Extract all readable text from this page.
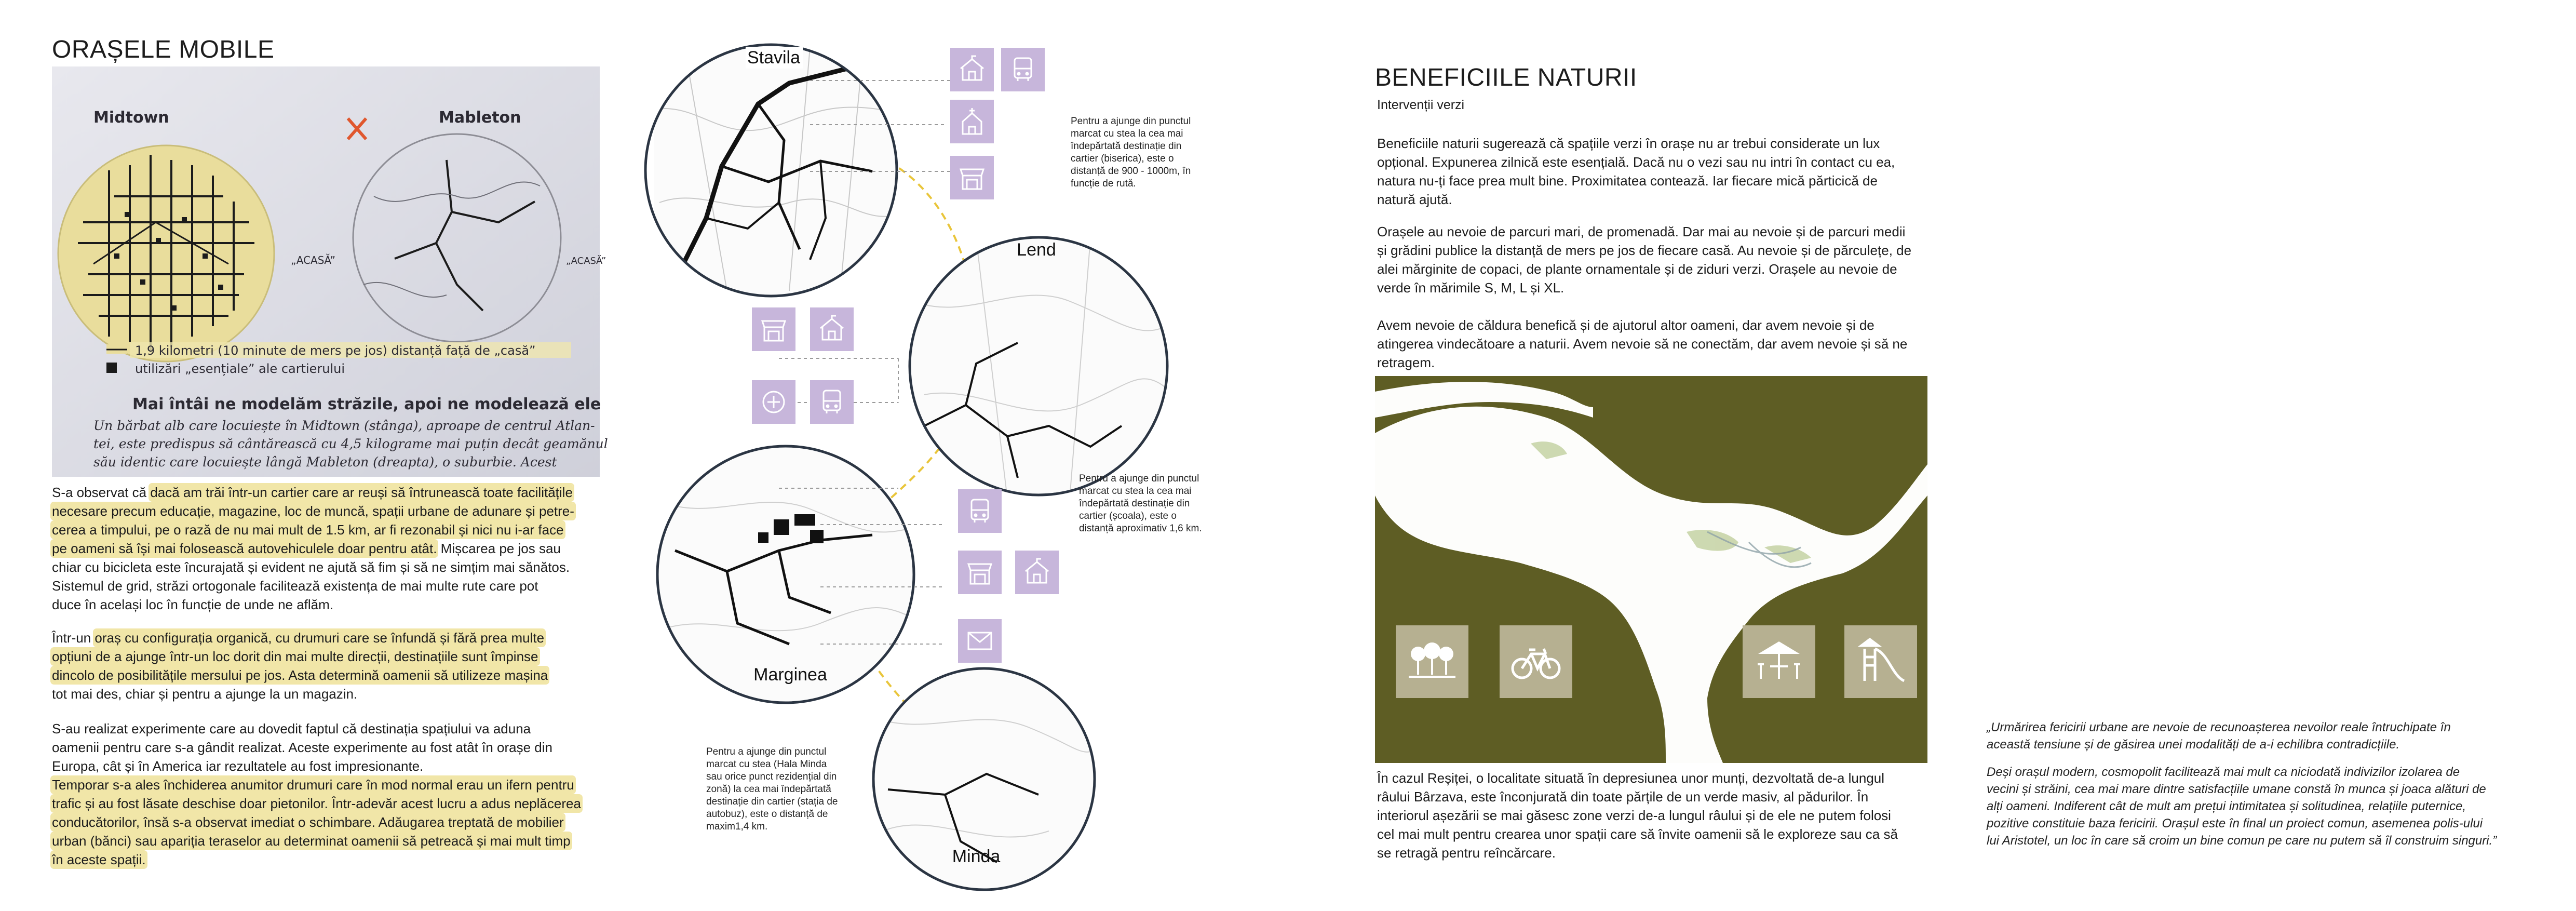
ORAȘELE MOBILE
Midtown
„ACASĂ”
Mableton
„ACASĂ”
1,9 kilometri (10 minute de mers pe jos) distanță față de „casă”
utilizări „esențiale” ale cartierului
Mai întâi ne modelăm străzile, apoi ne modelează ele
Un bărbat alb care locuiește în Midtown (stânga), aproape de centrul Atlan-
tei, este predispus să cântărească cu 4,5 kilograme mai puțin decât geamănul
său identic care locuiește lângă Mableton (dreapta), o suburbie. Acest
S-a observat că dacă am trăi într-un cartier care ar reuși să întrunească toate facilitățile
necesare precum educație, magazine, loc de muncă, spații urbane de adunare și petre-
cerea a timpului, pe o rază de nu mai mult de 1.5 km, ar fi rezonabil și nici nu i-ar face
pe oameni să își mai folosească autovehiculele doar pentru atât. Mișcarea pe jos sau
chiar cu bicicleta este încurajată și evident ne ajută să fim și să ne simțim mai sănătos.
Sistemul de grid, străzi ortogonale facilitează existența de mai multe rute care pot
duce în același loc în funcție de unde ne aflăm.
Într-un oraș cu configurația organică, cu drumuri care se înfundă și fără prea multe
opțiuni de a ajunge într-un loc dorit din mai multe direcții, destinațiile sunt împinse
dincolo de posibilitățile mersului pe jos. Asta determină oamenii să utilizeze mașina
tot mai des, chiar și pentru a ajunge la un magazin.
S-au realizat experimente care au dovedit faptul că destinația spațiului va aduna
oamenii pentru care s-a gândit realizat. Aceste experimente au fost atât în orașe din
Europa, cât și în America iar rezultatele au fost impresionante.
Temporar s-a ales închiderea anumitor drumuri care în mod normal erau un ifern pentru
trafic și au fost lăsate deschise doar pietonilor. Într-adevăr acest lucru a adus neplăcerea
conducătorilor, însă s-a observat imediat o schimbare. Adăugarea treptată de mobilier
urban (bănci) sau apariția teraselor au determinat oamenii să petreacă și mai mult timp
în aceste spații.
Stavila
Lend
Marginea
Minda
Pentru a ajunge din punctul
marcat cu stea la cea mai
îndepărtată destinație din
cartier (biserica), este o
distanță de 900 - 1000m, în
funcție de rută.
Pentru a ajunge din punctul
marcat cu stea la cea mai
îndepărtată destinație din
cartier (școala), este o
distanță aproximativ 1,6 km.
Pentru a ajunge din punctul
marcat cu stea (Hala Minda
sau orice punct rezidențial din
zonă) la cea mai îndepărtată
destinație din cartier (stația de
autobuz), este o distanță de
maxim1,4 km.
BENEFICIILE NATURII
Intervenții verzi
Beneficiile naturii sugerează că spațiile verzi în orașe nu ar trebui considerate un lux
opțional. Expunerea zilnică este esențială. Dacă nu o vezi sau nu intri în contact cu ea,
natura nu-ți face prea mult bine. Proximitatea contează. Iar fiecare mică părticică de
natură ajută.
Orașele au nevoie de parcuri mari, de promenadă. Dar mai au nevoie și de parcuri medii
și grădini publice la distanță de mers pe jos de fiecare casă. Au nevoie și de părculețe, de
alei mărginite de copaci, de plante ornamentale și de ziduri verzi. Orașele au nevoie de
verde în mărimile S, M, L și XL.
Avem nevoie de căldura benefică și de ajutorul altor oameni, dar avem nevoie și de
atingerea vindecătoare a naturii. Avem nevoie să ne conectăm, dar avem nevoie și să ne
retragem.
În cazul Reșiței, o localitate situată în depresiunea unor munți, dezvoltată de-a lungul
râului Bârzava, este înconjurată din toate părțile de un verde masiv, al pădurilor. În
interiorul așezării se mai găsesc zone verzi de-a lungul râului și de ele ne putem folosi
cel mai mult pentru crearea unor spații care să învite oamenii să le exploreze sau ca să
se retragă pentru reîncărcare.

„Urmărirea fericirii urbane are nevoie de recunoașterea nevoilor reale întruchipate în
aceastǎ tensiune și de găsirea unei modalități de a-i echilibra contradicțiile.

Deși orașul modern, cosmopolit facilitează mai mult ca niciodată indivizilor izolarea de
vecini și străini, cea mai mare dintre satisfacțiile umane constă în munca și joaca alături de
alți oameni. Indiferent cât de mult am prețui intimitatea și solitudinea, relațiile puternice,
pozitive constituie baza fericirii. Orașul este în final un proiect comun, asemenea polis-ului
lui Aristotel, un loc în care să croim un bine comun pe care nu putem să îl construim singuri.”
